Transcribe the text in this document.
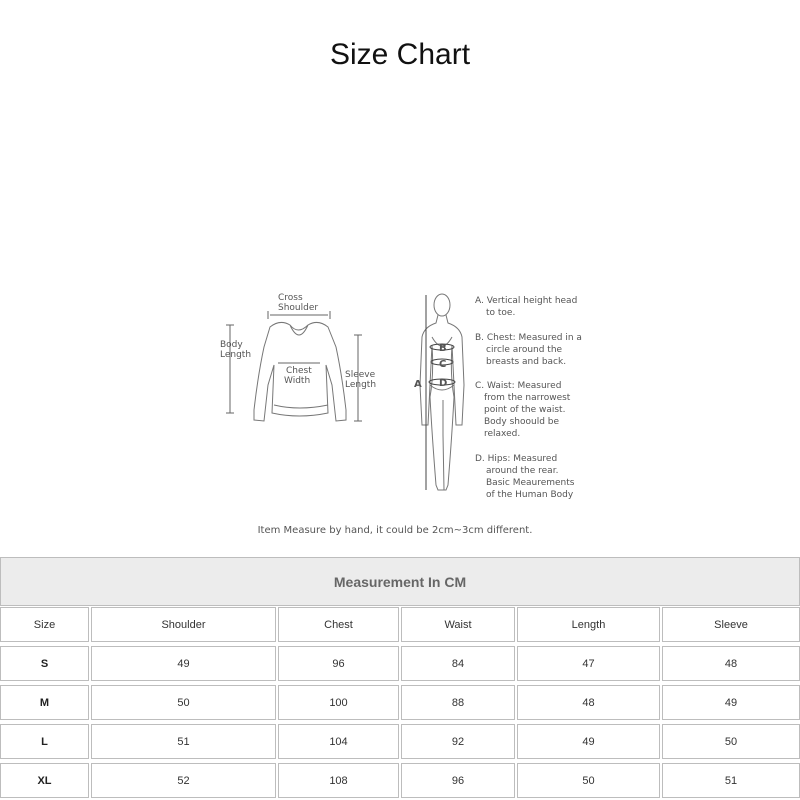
Size Chart
Cross Shoulder
Body Length
Chest Width
Sleeve Length	A
B
C
D
A. Vertical height head to toe.
B. Chest: Measured in a circle around the breasts and back.
C. Waist: Measured from the narrowest point of the waist. Body shoould be relaxed.
D. Hips: Measured around the rear. Basic Meaurements of the Human Body
Item Measure by hand, it could be 2cm~3cm different.
Measurement In CM
Size	Shoulder	Chest	Waist	Length	Sleeve
S	49	96	84	47	48
M	50	100	88	48	49
L	51	104	92	49	50
XL	52	108	96	50	51
